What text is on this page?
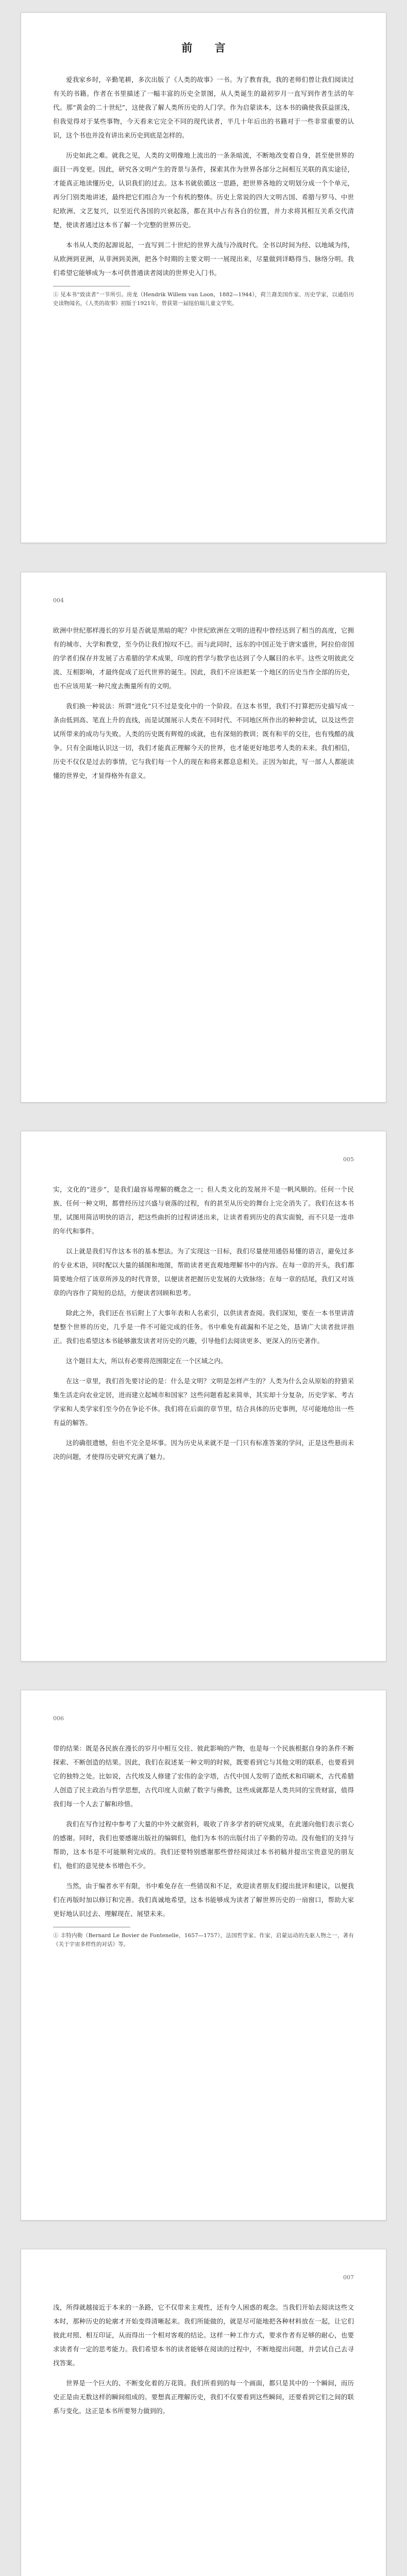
前 言

爱我家乡时，辛勤笔耕，多次出版了《人类的故事》一书。为了教育我，我的老师们曾让我们阅读过有关的书籍。作者在书里描述了一幅丰富的历史全景图，从人类诞生的最初岁月一直写到作者生活的年代。那“黄金的二十世纪”，这使我了解人类所历史的人门学。作为启蒙读本，这本书的确使我获益匪浅，但我觉得对于某些事物，今天看来它完全不同的现代读者，半几十年后出的书籍对于一些非常重要的认识，这个书也并没有讲出来历史到底是怎样的。

历史如此之难。就我之见，人类的文明像地上流出的一条条暗流，不断地改变着自身，甚至使世界的面目一再变更。因此，研究各文明产生的背景与条件，探索其作为世界各部分之间相互关联的真实途径，才能真正地读懂历史，认识我们的过去。这本书就依循这一思路，把世界各地的文明划分成一个个单元，再分门别类地讲述，最终把它们组合为一个有机的整体。历史上常说的四大文明古国、希腊与罗马、中世纪欧洲、文艺复兴，以至近代各国的兴衰起落，都在其中占有各自的位置，并力求将其相互关系交代清楚，使读者通过这本书了解一个完整的世界历史。

本书从人类的起源说起，一直写到二十世纪的世界大战与冷战时代。全书以时间为经、以地域为纬，从欧洲到亚洲，从非洲到美洲，把各个时期的主要文明一一展现出来，尽量做到详略得当、脉络分明。我们希望它能够成为一本可供普通读者阅读的世界史入门书。

① 见本书“致读者”一节所引。房龙（Hendrik Willem van Loon，1882—1944），荷兰裔美国作家、历史学家，以通俗历史读物闻名，《人类的故事》初版于1921年，曾获第一届纽伯瑞儿童文学奖。
004

欧洲中世纪那样漫长的岁月是否就是黑暗的呢？中世纪欧洲在文明的进程中曾经达到了相当的高度，它拥有的城市、大学和教堂，至今仍让我们惊叹不已。而与此同时，远东的中国正处于唐宋盛世，阿拉伯帝国的学者们保存并发展了古希腊的学术成果，印度的哲学与数学也达到了令人瞩目的水平。这些文明彼此交流、互相影响，才最终促成了近代世界的诞生。因此，我们不应该把某一个地区的历史当作全部的历史，也不应该用某一种尺度去衡量所有的文明。

我们换一种说法：所谓“进化”只不过是变化中的一个阶段。在这本书里，我们不打算把历史描写成一条由低到高、笔直上升的直线，而是试图展示人类在不同时代、不同地区所作出的种种尝试，以及这些尝试所带来的成功与失败。人类的历史既有辉煌的成就，也有深刻的教训；既有和平的交往，也有残酷的战争。只有全面地认识这一切，我们才能真正理解今天的世界，也才能更好地思考人类的未来。我们相信，历史不仅仅是过去的事情，它与我们每一个人的现在和将来都息息相关。正因为如此，写一部人人都能读懂的世界史，才显得格外有意义。

005

实，文化的“进步”，是我们最容易理解的概念之一；但人类文化的发展并不是一帆风顺的。任何一个民族、任何一种文明，都曾经历过兴盛与衰落的过程，有的甚至从历史的舞台上完全消失了。我们在这本书里，试图用简洁明快的语言，把这些曲折的过程讲述出来，让读者看到历史的真实面貌，而不只是一连串的年代和事件。

以上就是我们写作这本书的基本想法。为了实现这一目标，我们尽量使用通俗易懂的语言，避免过多的专业术语，同时配以大量的插图和地图，帮助读者更直观地理解书中的内容。在每一章的开头，我们都简要地介绍了该章所涉及的时代背景，以便读者把握历史发展的大致脉络；在每一章的结尾，我们又对该章的内容作了简短的总结，方便读者回顾和思考。

除此之外，我们还在书后附上了大事年表和人名索引，以供读者查阅。我们深知，要在一本书里讲清楚整个世界的历史，几乎是一件不可能完成的任务。书中难免有疏漏和不足之处，恳请广大读者批评指正。我们也希望这本书能够激发读者对历史的兴趣，引导他们去阅读更多、更深入的历史著作。

这个题目太大，所以有必要将范围限定在一个区域之内。

在这一章里，我们首先要讨论的是：什么是文明？文明是怎样产生的？人类为什么会从原始的狩猎采集生活走向农业定居，进而建立起城市和国家？这些问题看起来简单，其实却十分复杂，历史学家、考古学家和人类学家们至今仍在争论不休。我们将在后面的章节里，结合具体的历史事例，尽可能地给出一些有益的解答。

这的确很遗憾，但也不完全是坏事。因为历史从来就不是一门只有标准答案的学问，正是这些悬而未决的问题，才使得历史研究充满了魅力。

006

带的结果：既是各民族在漫长的岁月中相互交往、彼此影响的产物，也是每一个民族根据自身的条件不断探索、不断创造的结果。因此，我们在叙述某一种文明的时候，既要看到它与其他文明的联系，也要看到它的独特之处。比如说，古代埃及人修建了宏伟的金字塔，古代中国人发明了造纸术和印刷术，古代希腊人创造了民主政治与哲学思想，古代印度人贡献了数字与佛教，这些成就都是人类共同的宝贵财富，值得我们每一个人去了解和珍惜。

我们在写作过程中参考了大量的中外文献资料，吸收了许多学者的研究成果，在此谨向他们表示衷心的感谢。同时，我们也要感谢出版社的编辑们，他们为本书的出版付出了辛勤的劳动。没有他们的支持与帮助，这本书是不可能顺利完成的。我们还要特别感谢那些曾经阅读过本书初稿并提出宝贵意见的朋友们，他们的意见使本书增色不少。

当然，由于编者水平有限，书中难免存在一些错误和不足，欢迎读者朋友们提出批评和建议，以便我们在再版时加以修订和完善。我们真诚地希望，这本书能够成为读者了解世界历史的一扇窗口，帮助大家更好地认识过去、理解现在、展望未来。

① 丰特内勒（Bernard Le Bovier de Fontenelle，1657—1757），法国哲学家、作家，启蒙运动的先驱人物之一，著有《关于宇宙多样性的对话》等。
007

浅，所得就越接近于本来的一条路，它不仅带来主观性，还有令人困惑的观念。当我们开始去阅读这些文本时，那种历史的轮廓才开始变得清晰起来。我们所能做的，就是尽可能地把各种材料放在一起，让它们彼此对照、相互印证，从而得出一个相对客观的结论。这样一种工作方式，要求作者有足够的耐心，也要求读者有一定的思考能力。我们希望本书的读者能够在阅读的过程中，不断地提出问题，并尝试自己去寻找答案。

世界是一个巨大的、不断变化着的万花筒。我们所看到的每一个画面，都只是其中的一个瞬间，而历史正是由无数这样的瞬间组成的。要想真正理解历史，我们不仅要看到这些瞬间，还要看到它们之间的联系与变化。这正是本书所要努力做到的。
